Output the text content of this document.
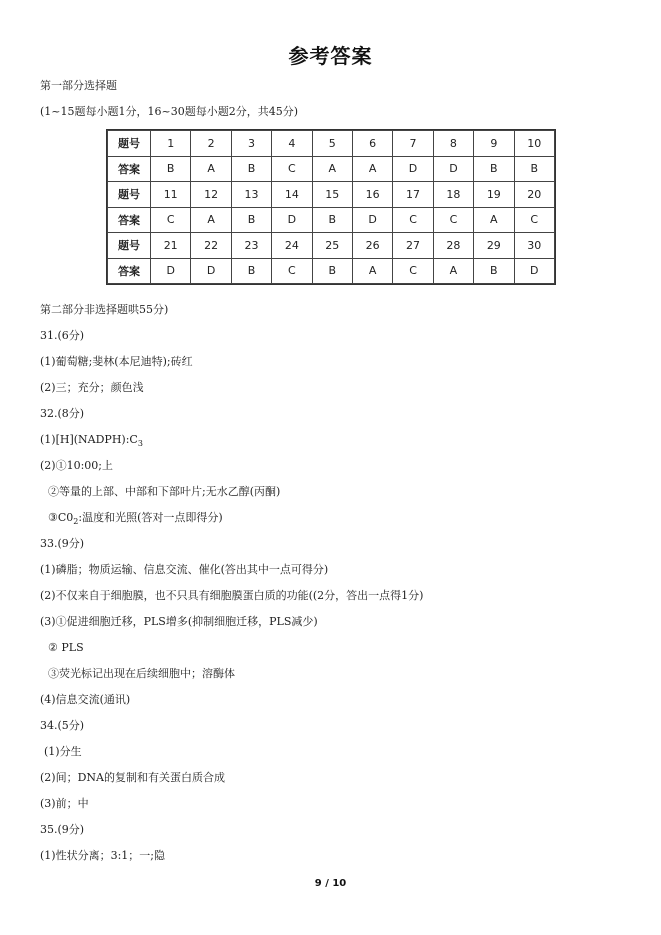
参考答案
第一部分选择题
(1~15题每小题1分，16~30题每小题2分，共45分)
题号	1	2	3	4	5	6	7	8	9	10
答案	B	A	B	C	A	A	D	D	B	B
题号	11	12	13	14	15	16	17	18	19	20
答案	C	A	B	D	B	D	C	C	A	C
题号	21	22	23	24	25	26	27	28	29	30
答案	D	D	B	C	B	A	C	A	B	D
第二部分非选择题哄55分)
31.(6分)
(1)葡萄糖;斐林(本尼迪特);砖红
(2)三；充分；颜色浅
32.(8分)
$(1)[H](NADPH):C_3$
(2)①10:00;上
②等量的上部、中部和下部叶片;无水乙醇(丙酮)
$③C0_2$:温度和光照(答对一点即得分)
33.(9分)
(1)磷脂；物质运输、信息交流、催化(答出其中一点可得分)
(2)不仅来自于细胞膜，也不只具有细胞膜蛋白质的功能((2分，答出一点得1分)
(3)①促进细胞迁移，PLS增多(抑制细胞迁移，PLS减少)
② PLS
③荧光标记出现在后续细胞中；溶酶体
(4)信息交流(通讯)
34.(5分)
(1)分生
(2)间；DNA的复制和有关蛋白质合成
(3)前；中
35.(9分)
(1)性状分离；3:1；一;隐
9 / 10
